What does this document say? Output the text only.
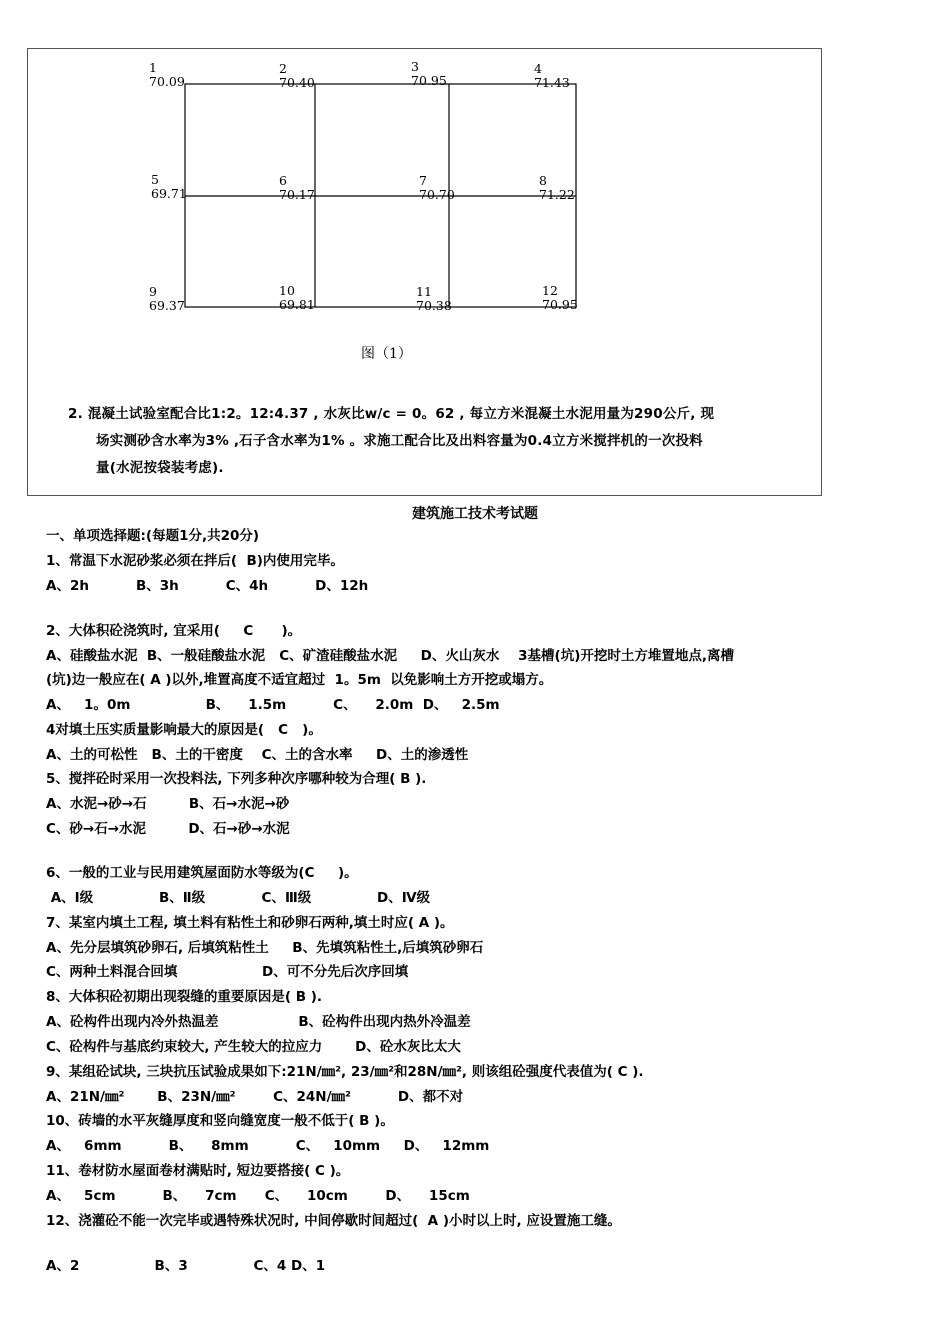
1
70.09
2
70.40
3
70.95
4
71.43
5
69.71
6
70.17
7
70.70
8
71.22
9
69.37
10
69.81
11
70.38
12
70.95
图（1）
2. 混凝土试验室配合比1:2。12:4.37 , 水灰比w/c = 0。62 , 每立方米混凝土水泥用量为290公斤, 现
场实测砂含水率为3% ,石子含水率为1% 。求施工配合比及出料容量为0.4立方米搅拌机的一次投料
量(水泥按袋装考虑).
建筑施工技术考试题
一、单项选择题:(每题1分,共20分)
1、常温下水泥砂浆必须在拌后(  B)内使用完毕。
A、2h          B、3h          C、4h          D、12h
2、大体积砼浇筑时, 宜采用(     C      )。
A、硅酸盐水泥  B、一般硅酸盐水泥   C、矿渣硅酸盐水泥     D、火山灰水    3基槽(坑)开挖时土方堆置地点,离槽
(坑)边一般应在( A )以外,堆置高度不适宜超过  1。5m  以免影响土方开挖或塌方。
A、   1。0m                B、    1.5m          C、    2.0m  D、   2.5m
4对填土压实质量影响最大的原因是(   C   )。
A、土的可松性   B、土的干密度    C、土的含水率     D、土的渗透性
5、搅拌砼时采用一次投料法, 下列多种次序哪种较为合理( B ).
A、水泥→砂→石         B、石→水泥→砂
C、砂→石→水泥         D、石→砂→水泥
6、一般的工业与民用建筑屋面防水等级为(C     )。
A、Ⅰ级              B、Ⅱ级            C、Ⅲ级              D、Ⅳ级
7、某室内填土工程, 填土料有粘性土和砂卵石两种,填土时应( A )。
A、先分层填筑砂卵石, 后填筑粘性土     B、先填筑粘性土,后填筑砂卵石
C、两种土料混合回填                  D、可不分先后次序回填
8、大体积砼初期出现裂缝的重要原因是( B ).
A、砼构件出现内冷外热温差                 B、砼构件出现内热外冷温差
C、砼构件与基底约束较大, 产生较大的拉应力       D、砼水灰比太大
9、某组砼试块, 三块抗压试验成果如下:21N/㎜², 23/㎜²和28N/㎜², 则该组砼强度代表值为( C ).
A、21N/㎜²       B、23N/㎜²        C、24N/㎜²          D、都不对
10、砖墙的水平灰缝厚度和竖向缝宽度一般不低于( B )。
A、   6mm          B、    8mm          C、   10mm     D、   12mm
11、卷材防水屋面卷材满贴时, 短边要搭接( C )。
A、   5cm          B、    7cm      C、    10cm        D、    15cm
12、浇灌砼不能一次完毕或遇特殊状况时, 中间停歇时间超过(  A )小时以上时, 应设置施工缝。
A、2                B、3              C、4 D、1
